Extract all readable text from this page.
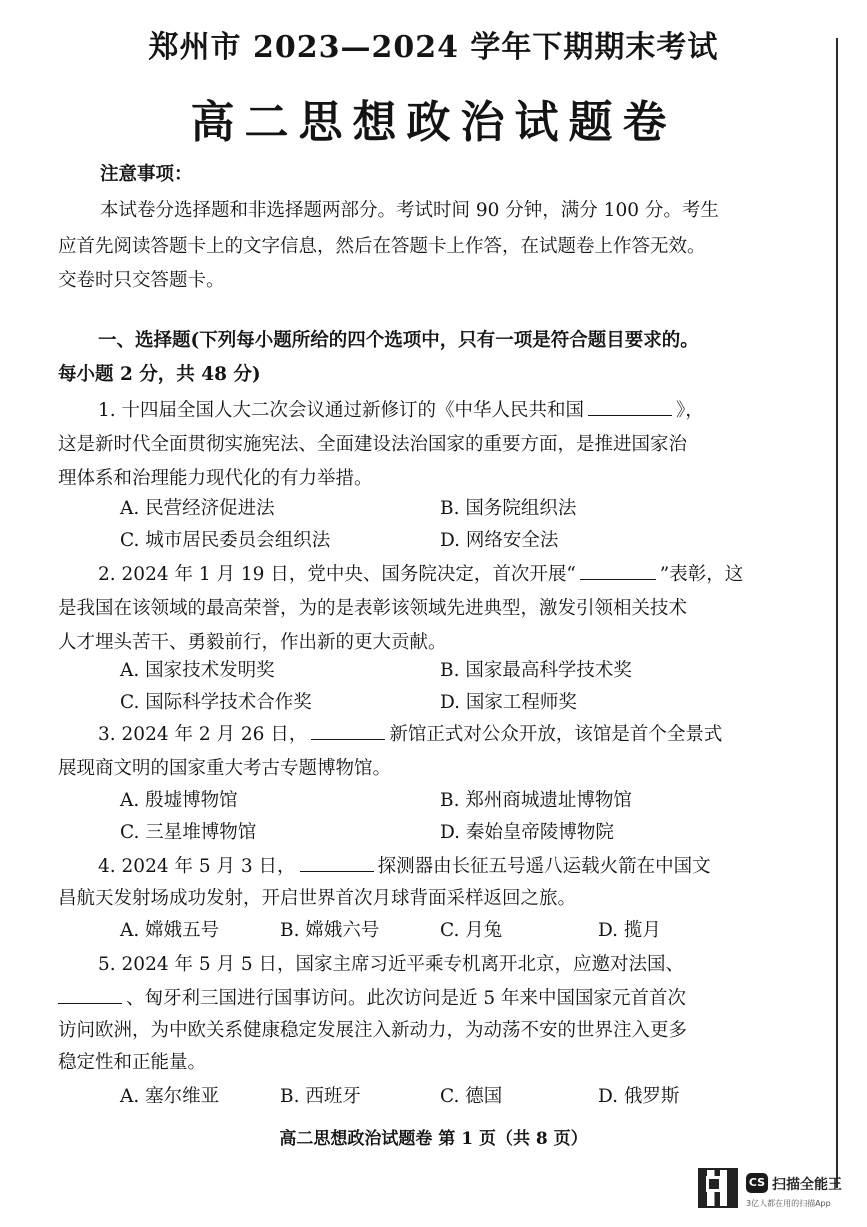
郑州市 2023—2024 学年下期期末考试
高二思想政治试题卷
注意事项：
本试卷分选择题和非选择题两部分。考试时间 90 分钟，满分 100 分。考生
应首先阅读答题卡上的文字信息，然后在答题卡上作答，在试题卷上作答无效。
交卷时只交答题卡。
一、选择题(下列每小题所给的四个选项中，只有一项是符合题目要求的。
每小题 2 分，共 48 分)
1. 十四届全国人大二次会议通过新修订的《中华人民共和国	》，
这是新时代全面贯彻实施宪法、全面建设法治国家的重要方面，是推进国家治
理体系和治理能力现代化的有力举措。
A. 民营经济促进法	B. 国务院组织法
C. 城市居民委员会组织法	D. 网络安全法
2. 2024 年 1 月 19 日，党中央、国务院决定，首次开展“	”表彰，这
是我国在该领域的最高荣誉，为的是表彰该领域先进典型，激发引领相关技术
人才埋头苦干、勇毅前行，作出新的更大贡献。
A. 国家技术发明奖	B. 国家最高科学技术奖
C. 国际科学技术合作奖	D. 国家工程师奖
3. 2024 年 2 月 26 日，	新馆正式对公众开放，该馆是首个全景式
展现商文明的国家重大考古专题博物馆。
A. 殷墟博物馆	B. 郑州商城遗址博物馆
C. 三星堆博物馆	D. 秦始皇帝陵博物院
4. 2024 年 5 月 3 日，	探测器由长征五号遥八运载火箭在中国文
昌航天发射场成功发射，开启世界首次月球背面采样返回之旅。
A. 嫦娥五号	B. 嫦娥六号	C. 月兔	D. 揽月
5. 2024 年 5 月 5 日，国家主席习近平乘专机离开北京，应邀对法国、
、匈牙利三国进行国事访问。此次访问是近 5 年来中国国家元首首次
访问欧洲，为中欧关系健康稳定发展注入新动力，为动荡不安的世界注入更多
稳定性和正能量。
A. 塞尔维亚	B. 西班牙	C. 德国	D. 俄罗斯
高二思想政治试题卷 第 1 页（共 8 页）
CS 扫描全能王
3亿人都在用的扫描App
